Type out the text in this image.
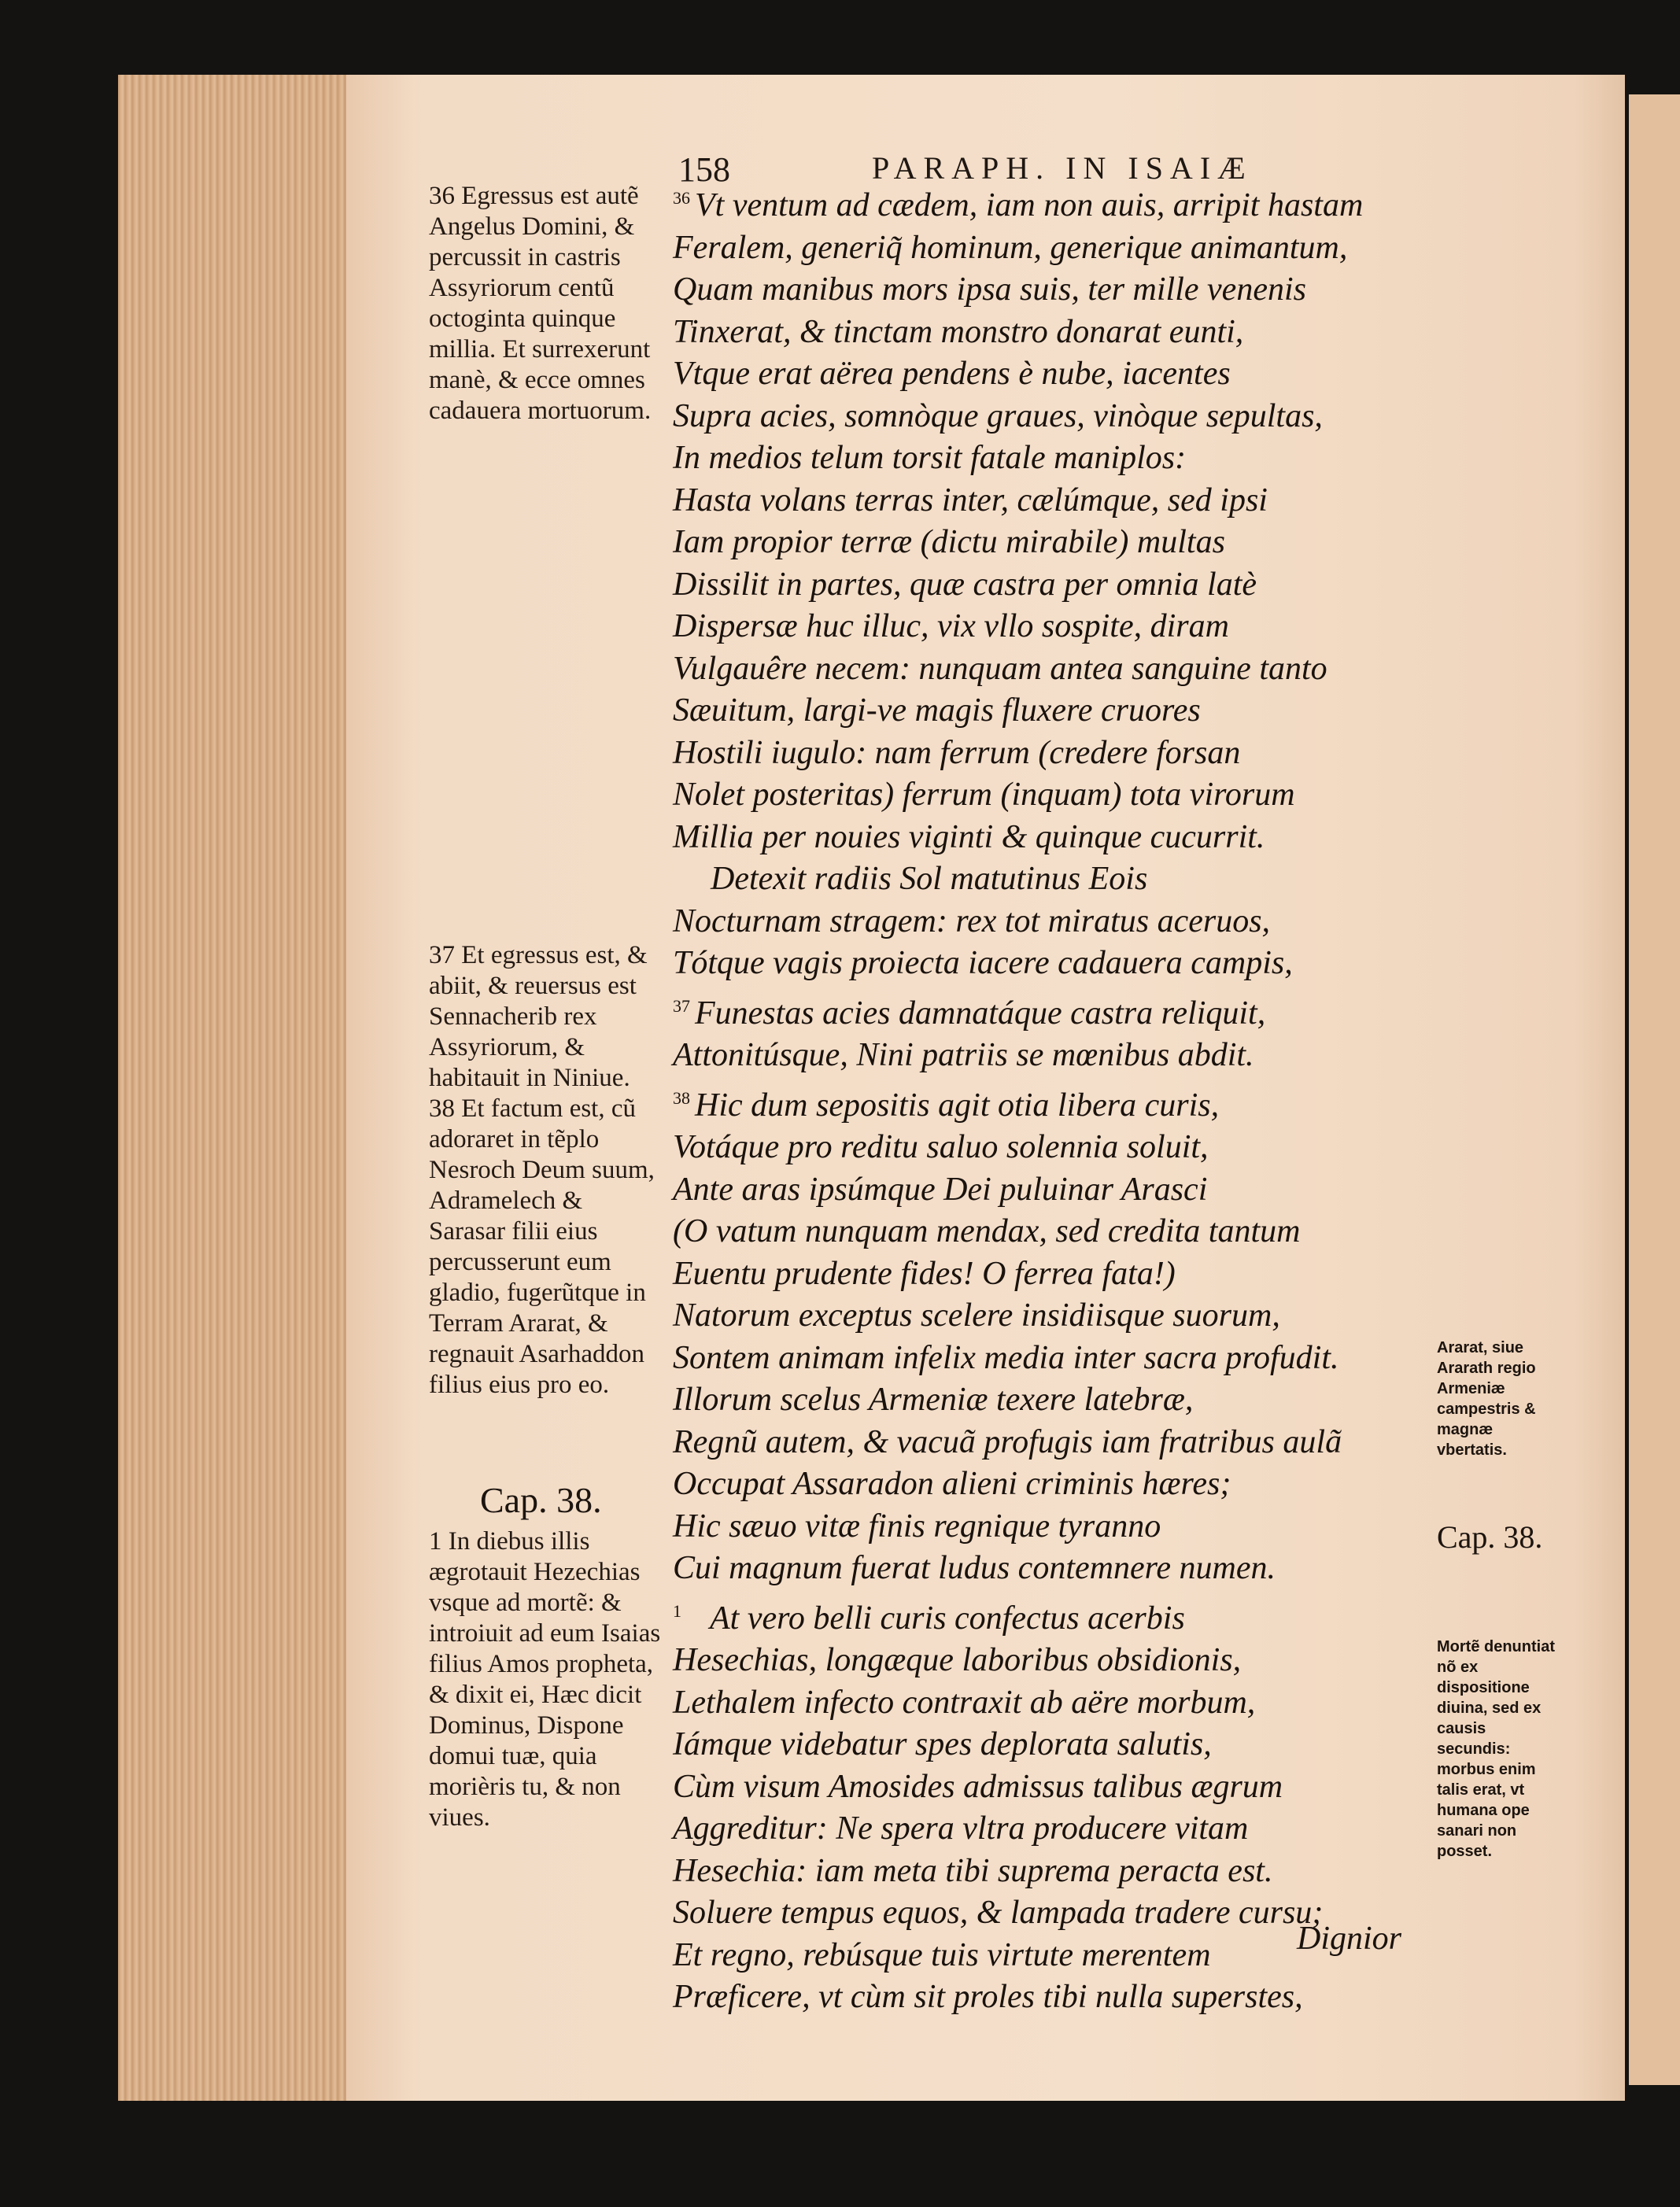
158	PARAPH. IN ISAIÆ

36 Egressus est autẽ Angelus Domini, & percussit in castris Assyriorum centũ octoginta quinque millia. Et surrexerunt manè, & ecce omnes cadauera mortuorum.

37 Et egressus est, & abiit, & reuersus est Sennacherib rex Assyriorum, & habitauit in Niniue.

38 Et factum est, cũ adoraret in tẽplo Nesroch Deum suum, Adramelech & Sarasar filii eius percusserunt eum gladio, fugerũtque in Terram Ararat, & regnauit Asarhaddon filius eius pro eo.

Cap. 38.

1 In diebus illis ægrotauit Hezechias vsque ad mortẽ: & introiuit ad eum Isaias filius Amos propheta, & dixit ei, Hæc dicit Dominus, Dispone domui tuæ, quia morièris tu, & non viues.

$^{36}$ Vt ventum ad cædem, iam non auis, arripit hastam
Feralem, generiq̃ hominum, generique animantum,
Quam manibus mors ipsa suis, ter mille venenis
Tinxerat, & tinctam monstro donarat eunti,
Vtque erat aërea pendens è nube, iacentes
Supra acies, somnòque graues, vinòque sepultas,
In medios telum torsit fatale maniplos:
Hasta volans terras inter, cælúmque, sed ipsi
Iam propior terræ (dictu mirabile) multas
Dissilit in partes, quæ castra per omnia latè
Dispersæ huc illuc, vix vllo sospite, diram
Vulgauêre necem: nunquam antea sanguine tanto
Sæuitum, largi-ve magis fluxere cruores
Hostili iugulo: nam ferrum (credere forsan
Nolet posteritas) ferrum (inquam) tota virorum
Millia per nouies viginti & quinque cucurrit.
Detexit radiis Sol matutinus Eois
Nocturnam stragem: rex tot miratus aceruos,
Tótque vagis proiecta iacere cadauera campis,
$^{37}$ Funestas acies damnatáque castra reliquit,
Attonitúsque, Nini patriis se mœnibus abdit.
$^{38}$ Hic dum sepositis agit otia libera curis,
Votáque pro reditu saluo solennia soluit,
Ante aras ipsúmque Dei puluinar Arasci
(O vatum nunquam mendax, sed credita tantum
Euentu prudente fides! O ferrea fata!)
Natorum exceptus scelere insidiisque suorum,
Sontem animam infelix media inter sacra profudit.
Illorum scelus Armeniæ texere latebræ,
Regnũ autem, & vacuã profugis iam fratribus aulã
Occupat Assaradon alieni criminis hæres;
Hic sæuo vitæ finis regnique tyranno
Cui magnum fuerat ludus contemnere numen.
$^1$ At vero belli curis confectus acerbis
Hesechias, longæque laboribus obsidionis,
Lethalem infecto contraxit ab aëre morbum,
Iámque videbatur spes deplorata salutis,
Cùm visum Amosides admissus talibus ægrum
Aggreditur: Ne spera vltra producere vitam
Hesechia: iam meta tibi suprema peracta est.
Soluere tempus equos, & lampada tradere cursu;
Et regno, rebúsque tuis virtute merentem
Præficere, vt cùm sit proles tibi nulla superstes,
Dignior

Ararat, siue Ararath regio Armeniæ campestris & magnæ vbertatis.

Cap. 38.

Mortẽ denuntiat nõ ex dispositione diuina, sed ex causis secundis: morbus enim talis erat, vt humana ope sanari non posset.
